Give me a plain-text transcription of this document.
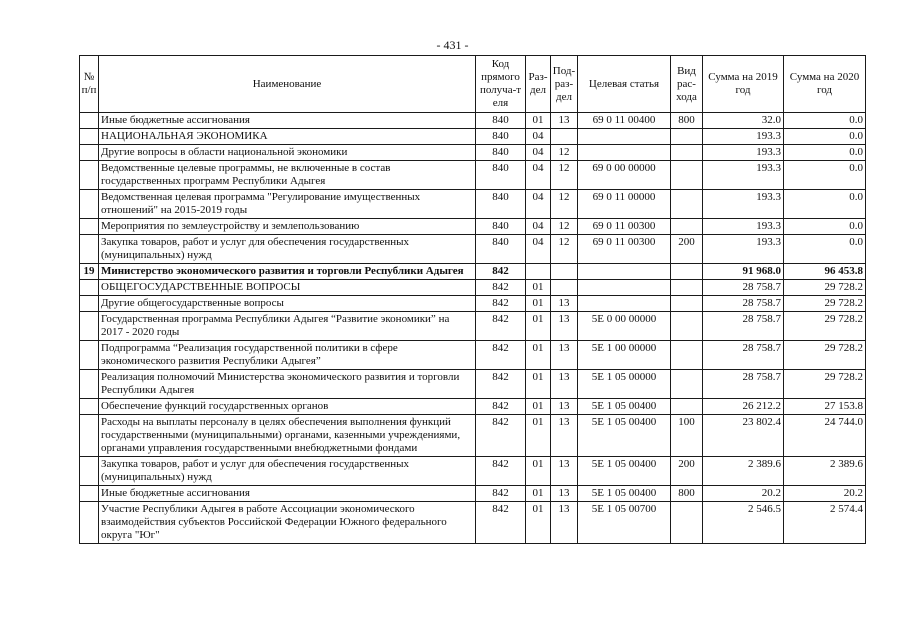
- 431 -
№ п/п	Наименование	Код прямого получа-т еля	Раз- дел	Под- раз- дел	Целевая статья	Вид рас- хода	Сумма на 2019 год	Сумма на 2020 год
	Иные бюджетные ассигнования	840	01	13	69 0 11 00400	800	32.0	0.0
	НАЦИОНАЛЬНАЯ ЭКОНОМИКА	840	04				193.3	0.0
	Другие вопросы в области национальной экономики	840	04	12			193.3	0.0
	Ведомственные целевые программы, не включенные в состав государственных программ Республики Адыгея	840	04	12	69 0 00 00000		193.3	0.0
	Ведомственная целевая программа "Регулирование имущественных отношений" на 2015-2019 годы	840	04	12	69 0 11 00000		193.3	0.0
	Мероприятия по землеустройству и землепользованию	840	04	12	69 0 11 00300		193.3	0.0
	Закупка товаров, работ и услуг для обеспечения государственных (муниципальных) нужд	840	04	12	69 0 11 00300	200	193.3	0.0
19	Министерство экономического развития и торговли Республики Адыгея	842					91 968.0	96 453.8
	ОБЩЕГОСУДАРСТВЕННЫЕ ВОПРОСЫ	842	01				28 758.7	29 728.2
	Другие общегосударственные вопросы	842	01	13			28 758.7	29 728.2
	Государственная программа Республики Адыгея “Развитие экономики” на 2017 - 2020 годы	842	01	13	5Е 0 00 00000		28 758.7	29 728.2
	Подпрограмма “Реализация государственной политики в сфере экономического развития Республики Адыгея”	842	01	13	5Е 1 00 00000		28 758.7	29 728.2
	Реализация полномочий Министерства экономического развития и торговли Республики Адыгея	842	01	13	5Е 1 05 00000		28 758.7	29 728.2
	Обеспечение функций государственных органов	842	01	13	5Е 1 05 00400		26 212.2	27 153.8
	Расходы на выплаты персоналу в целях обеспечения выполнения функций государственными (муниципальными) органами, казенными учреждениями, органами управления государственными внебюджетными фондами	842	01	13	5Е 1 05 00400	100	23 802.4	24 744.0
	Закупка товаров, работ и услуг для обеспечения государственных (муниципальных) нужд	842	01	13	5Е 1 05 00400	200	2 389.6	2 389.6
	Иные бюджетные ассигнования	842	01	13	5Е 1 05 00400	800	20.2	20.2
	Участие Республики Адыгея в работе Ассоциации экономического взаимодействия субъектов Российской Федерации Южного федерального округа "Юг"	842	01	13	5Е 1 05 00700		2 546.5	2 574.4
